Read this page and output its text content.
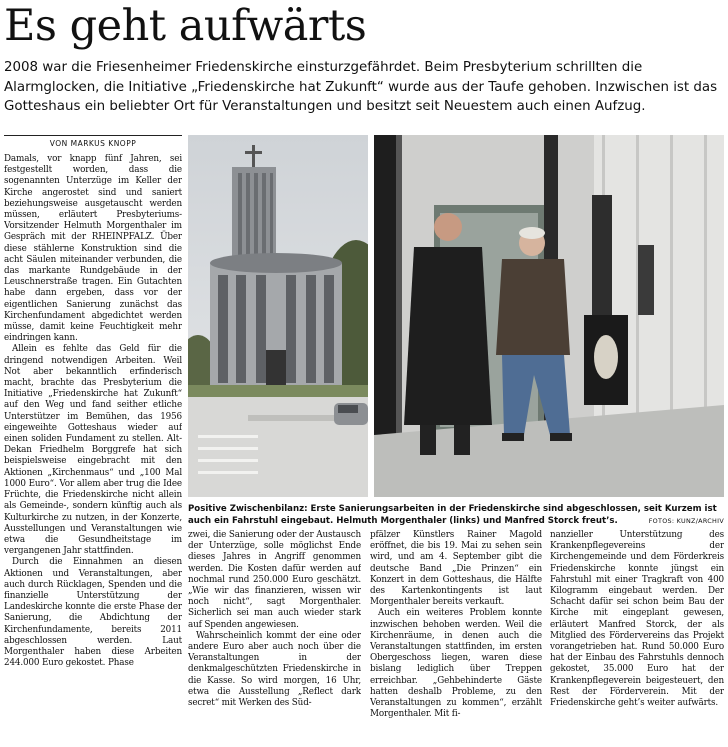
Es geht aufwärts

2008 war die Friesenheimer Friedenskirche einsturzgefährdet. Beim Presbyterium schrillten die Alarmglocken, die Initiative „Friedenskirche hat Zukunft“ wurde aus der Taufe gehoben. Inzwischen ist das Gotteshaus ein beliebter Ort für Veranstaltungen und besitzt seit Neuestem auch einen Aufzug.

VON MARKUS KNOPP

Damals, vor knapp fünf Jahren, sei festgestellt worden, dass die sogenannten Unterzüge im Keller der Kirche angerostet sind und saniert beziehungsweise ausgetauscht werden müssen, erläutert Presbyteriums-Vorsitzender Helmuth Morgenthaler im Gespräch mit der RHEINPFALZ. Über diese stählerne Konstruktion sind die acht Säulen miteinander verbunden, die das markante Rundgebäude in der Leuschnerstraße tragen. Ein Gutachten habe dann ergeben, dass vor der eigentlichen Sanierung zunächst das Kirchenfundament abgedichtet werden müsse, damit keine Feuchtigkeit mehr eindringen kann.

Allein es fehlte das Geld für die dringend notwendigen Arbeiten. Weil Not aber bekanntlich erfinderisch macht, brachte das Presbyterium die Initiative „Friedenskirche hat Zukunft“ auf den Weg und fand seither etliche Unterstützer im Bemühen, das 1956 eingeweihte Gotteshaus wieder auf einen soliden Fundament zu stellen. Alt-Dekan Friedhelm Borggrefe hat sich beispielsweise eingebracht mit den Aktionen „Kirchenmaus“ und „100 Mal 1000 Euro“. Vor allem aber trug die Idee Früchte, die Friedenskirche nicht allein als Gemeinde-, sondern künftig auch als Kulturkirche zu nutzen, in der Konzerte, Ausstellungen und Veranstaltungen wie etwa die Gesundheitstage im vergangenen Jahr stattfinden.

Durch die Einnahmen an diesen Aktionen und Veranstaltungen, aber auch durch Rücklagen, Spenden und die finanzielle Unterstützung der Landeskirche konnte die erste Phase der Sanierung, die Abdichtung der Kirchenfundamente, bereits 2011 abgeschlossen werden. Laut Morgenthaler haben diese Arbeiten 244.000 Euro gekostet. Phase

Positive Zwischenbilanz: Erste Sanierungsarbeiten in der Friedenskirche sind abgeschlossen, seit Kurzem ist auch ein Fahrstuhl eingebaut. Helmuth Morgenthaler (links) und Manfred Storck freut’s.	FOTOS: KUNZ/ARCHIV

zwei, die Sanierung oder der Austausch der Unterzüge, solle möglichst Ende dieses Jahres in Angriff genommen werden. Die Kosten dafür werden auf nochmal rund 250.000 Euro geschätzt. „Wie wir das finanzieren, wissen wir noch nicht“, sagt Morgenthaler. Sicherlich sei man auch wieder stark auf Spenden angewiesen.

Wahrscheinlich kommt der eine oder andere Euro aber auch noch über die Veranstaltungen in der denkmalgeschützten Friedenskirche in die Kasse. So wird morgen, 16 Uhr, etwa die Ausstellung „Reflect dark secret“ mit Werken des Süd-

pfälzer Künstlers Rainer Magold eröffnet, die bis 19. Mai zu sehen sein wird, und am 4. September gibt die deutsche Band „Die Prinzen“ ein Konzert in dem Gotteshaus, die Hälfte des Kartenkontingents ist laut Morgenthaler bereits verkauft.

Auch ein weiteres Problem konnte inzwischen behoben werden. Weil die Kirchenräume, in denen auch die Veranstaltungen stattfinden, im ersten Obergeschoss liegen, waren diese bislang lediglich über Treppen erreichbar. „Gehbehinderte Gäste hatten deshalb Probleme, zu den Veranstaltungen zu kommen“, erzählt Morgenthaler. Mit fi-

nanzieller Unterstützung des Krankenpflegevereins der Kirchengemeinde und dem Förderkreis Friedenskirche konnte jüngst ein Fahrstuhl mit einer Tragkraft von 400 Kilogramm eingebaut werden. Der Schacht dafür sei schon beim Bau der Kirche mit eingeplant gewesen, erläutert Manfred Storck, der als Mitglied des Fördervereins das Projekt vorangetrieben hat. Rund 50.000 Euro hat der Einbau des Fahrstuhls dennoch gekostet, 35.000 Euro hat der Krankenpflegeverein beigesteuert, den Rest der Förderverein. Mit der Friedenskirche geht’s weiter aufwärts.
